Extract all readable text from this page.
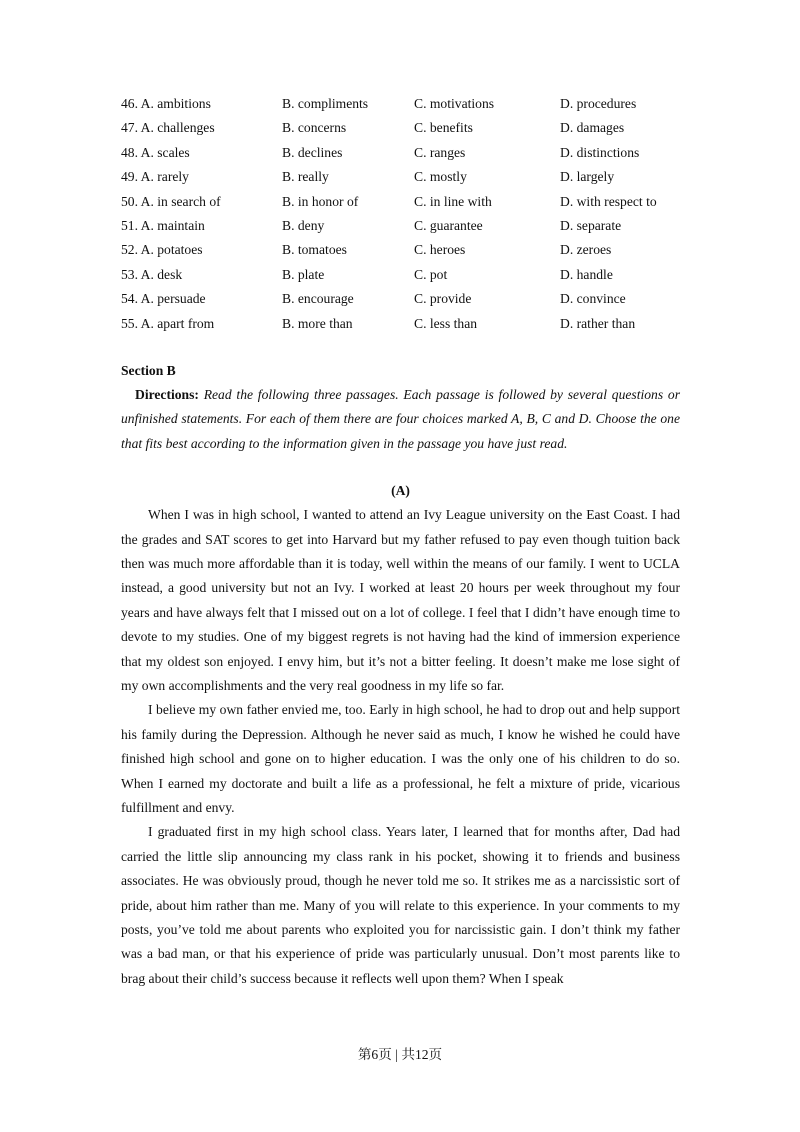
46. A. ambitions	B. compliments	C. motivations	D. procedures
47. A. challenges	B. concerns	C. benefits	D. damages
48. A. scales	B. declines	C. ranges	D. distinctions
49. A. rarely	B. really	C. mostly	D. largely
50. A. in search of	B. in honor of	C. in line with	D. with respect to
51. A. maintain	B. deny	C. guarantee	D. separate
52. A. potatoes	B. tomatoes	C. heroes	D. zeroes
53. A. desk	B. plate	C. pot	D. handle
54. A. persuade	B. encourage	C. provide	D. convince
55. A. apart from	B. more than	C. less than	D. rather than
Section B

Directions: Read the following three passages. Each passage is followed by several questions or unfinished statements. For each of them there are four choices marked A, B, C and D. Choose the one that fits best according to the information given in the passage you have just read.

(A)

When I was in high school, I wanted to attend an Ivy League university on the East Coast. I had the grades and SAT scores to get into Harvard but my father refused to pay even though tuition back then was much more affordable than it is today, well within the means of our family. I went to UCLA instead, a good university but not an Ivy. I worked at least 20 hours per week throughout my four years and have always felt that I missed out on a lot of college. I feel that I didn’t have enough time to devote to my studies. One of my biggest regrets is not having had the kind of immersion experience that my oldest son enjoyed. I envy him, but it’s not a bitter feeling. It doesn’t make me lose sight of my own accomplishments and the very real goodness in my life so far.

I believe my own father envied me, too. Early in high school, he had to drop out and help support his family during the Depression. Although he never said as much, I know he wished he could have finished high school and gone on to higher education. I was the only one of his children to do so. When I earned my doctorate and built a life as a professional, he felt a mixture of pride, vicarious fulfillment and envy.

I graduated first in my high school class. Years later, I learned that for months after, Dad had carried the little slip announcing my class rank in his pocket, showing it to friends and business associates. He was obviously proud, though he never told me so. It strikes me as a narcissistic sort of pride, about him rather than me. Many of you will relate to this experience. In your comments to my posts, you’ve told me about parents who exploited you for narcissistic gain. I don’t think my father was a bad man, or that his experience of pride was particularly unusual. Don’t most parents like to brag about their child’s success because it reflects well upon them? When I speak

第6页 | 共12页
